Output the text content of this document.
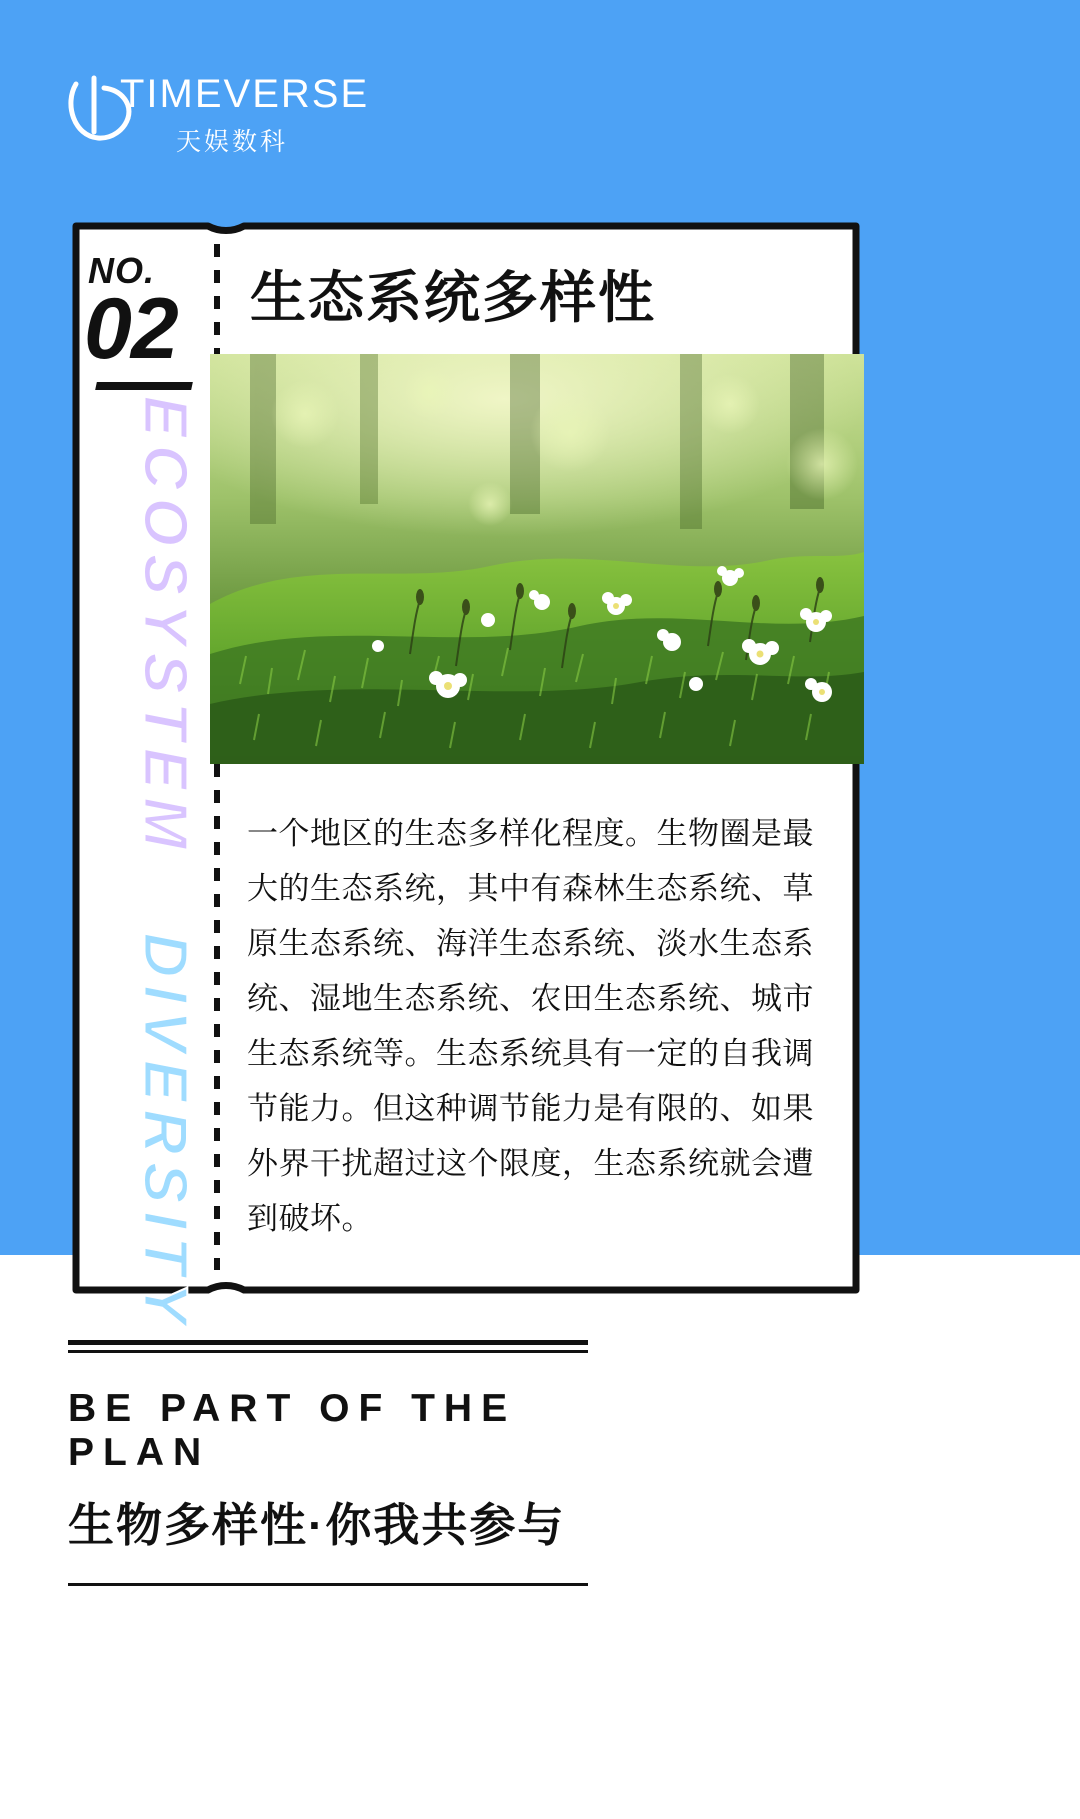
TIMEVERSE
天娱数科
NO.
02
ECOSYSTEM   DIVERSITY
生态系统多样性
一个地区的生态多样化程度。生物圈是最大的生态系统，其中有森林生态系统、草原生态系统、海洋生态系统、淡水生态系统、湿地生态系统、农田生态系统、城市生态系统等。生态系统具有一定的自我调节能力。但这种调节能力是有限的、如果外界干扰超过这个限度，生态系统就会遭到破坏。
BE PART OF THE PLAN
生物多样性·你我共参与
